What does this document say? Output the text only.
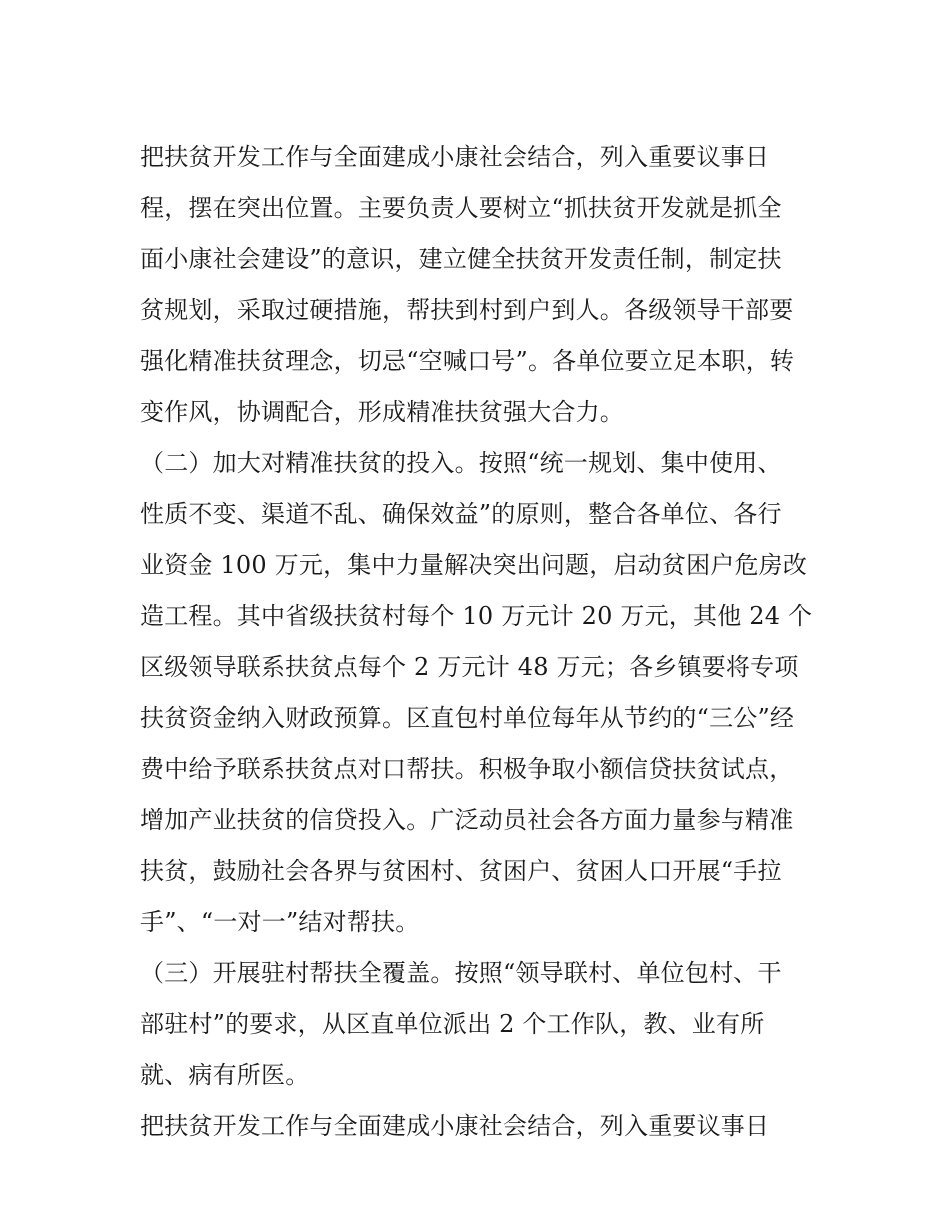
把扶贫开发工作与全面建成小康社会结合，列入重要议事日
程，摆在突出位置。主要负责人要树立“抓扶贫开发就是抓全
面小康社会建设”的意识，建立健全扶贫开发责任制，制定扶
贫规划，采取过硬措施，帮扶到村到户到人。各级领导干部要
强化精准扶贫理念，切忌“空喊口号”。各单位要立足本职，转
变作风，协调配合，形成精准扶贫强大合力。
（二）加大对精准扶贫的投入。按照“统一规划、集中使用、
性质不变、渠道不乱、确保效益”的原则，整合各单位、各行
业资金 100 万元，集中力量解决突出问题，启动贫困户危房改
造工程。其中省级扶贫村每个 10 万元计 20 万元，其他 24 个
区级领导联系扶贫点每个 2 万元计 48 万元；各乡镇要将专项
扶贫资金纳入财政预算。区直包村单位每年从节约的“三公”经
费中给予联系扶贫点对口帮扶。积极争取小额信贷扶贫试点，
增加产业扶贫的信贷投入。广泛动员社会各方面力量参与精准
扶贫，鼓励社会各界与贫困村、贫困户、贫困人口开展“手拉
手”、“一对一”结对帮扶。
（三）开展驻村帮扶全覆盖。按照“领导联村、单位包村、干
部驻村”的要求，从区直单位派出 2 个工作队，教、业有所
就、病有所医。
把扶贫开发工作与全面建成小康社会结合，列入重要议事日
